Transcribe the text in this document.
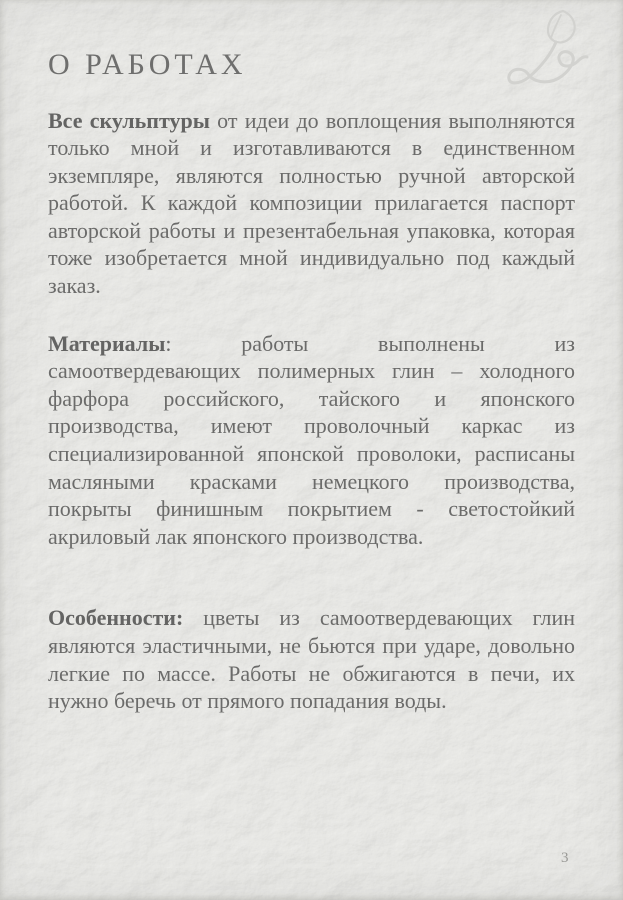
О РАБОТАХ

Все скульптуры от идеи до воплощения выполняются только мной и изготавливаются в единственном экземпляре, являются полностью ручной авторской работой. К каждой композиции прилагается паспорт авторской работы и презентабельная упаковка, которая тоже изобретается мной индивидуально под каждый заказ.

Материалы: работы выполнены из самоотвердевающих полимерных глин – холодного фарфора российского, тайского и японского производства, имеют проволочный каркас из специализированной японской проволоки, расписаны масляными красками немецкого производства, покрыты финишным покрытием - светостойкий акриловый лак японского производства.

Особенности: цветы из самоотвердевающих глин являются эластичными, не бьются при ударе, довольно легкие по массе. Работы не обжигаются в печи, их нужно беречь от прямого попадания воды.

3
